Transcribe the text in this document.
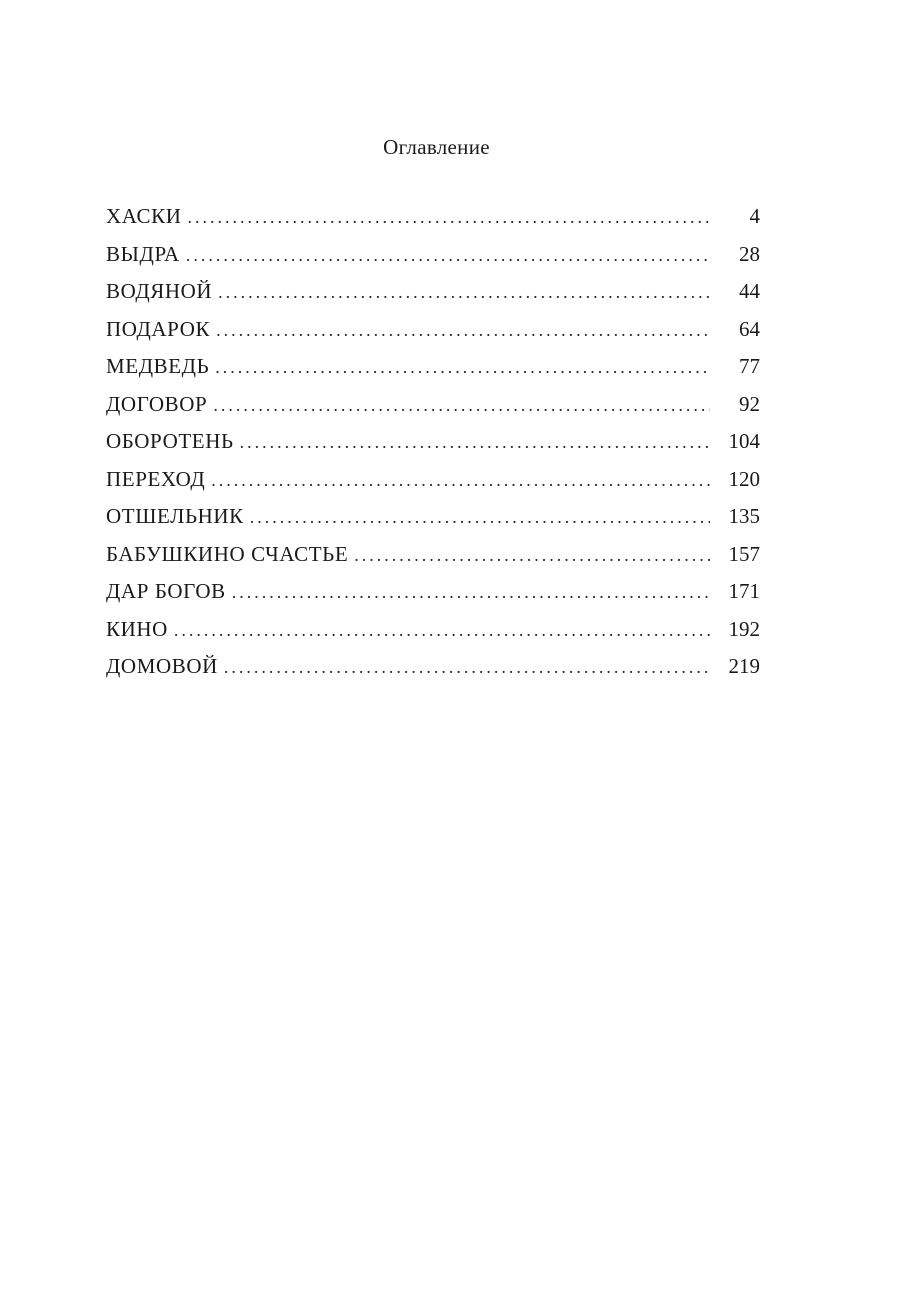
Оглавление
ХАСКИ . . .	4
ВЫДРА . . .	28
ВОДЯНОЙ . . .	44
ПОДАРОК . . .	64
МЕДВЕДЬ . . .	77
ДОГОВОР . . .	92
ОБОРОТЕНЬ . . .	104
ПЕРЕХОД . . .	120
ОТШЕЛЬНИК . . .	135
БАБУШКИНО СЧАСТЬЕ . . .	157
ДАР БОГОВ . . .	171
КИНО . . .	192
ДОМОВОЙ . . .	219
